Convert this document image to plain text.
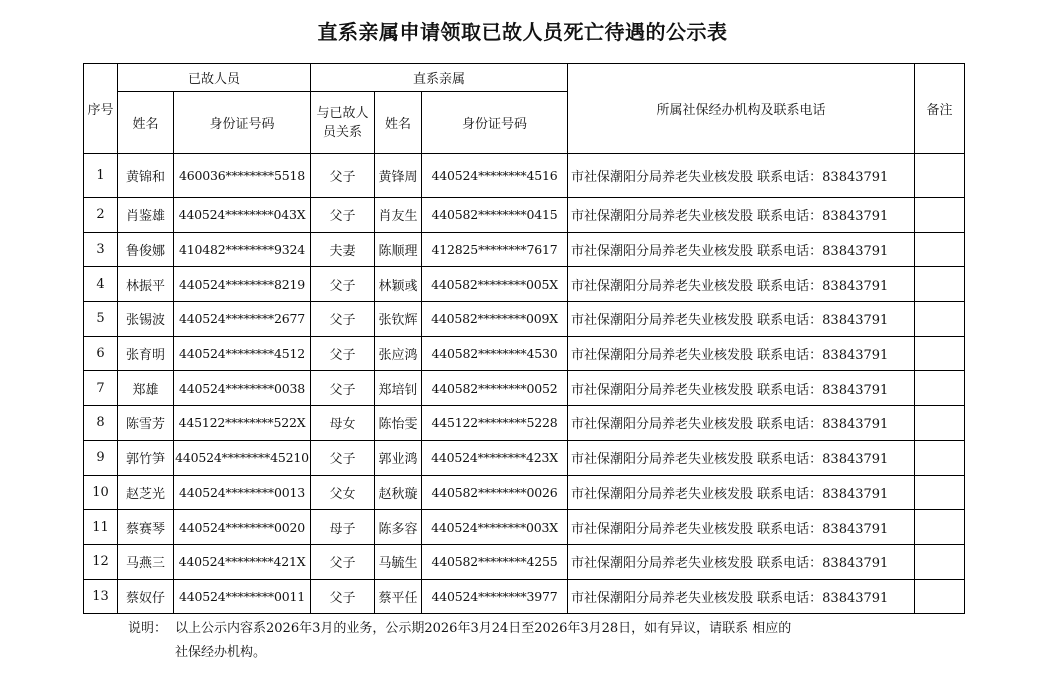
直系亲属申请领取已故人员死亡待遇的公示表
序号	已故人员		直系亲属			所属社保经办机构及联系电话	备注
	姓名	身份证号码	与已故人员关系	姓名	身份证号码		
1	黄锦和	460036********5518	父子	黄锋周	440524********4516	市社保潮阳分局养老失业核发股 联系电话：83843791	
2	肖鉴雄	440524********043X	父子	肖友生	440582********0415	市社保潮阳分局养老失业核发股 联系电话：83843791	
3	鲁俊娜	410482********9324	夫妻	陈顺理	412825********7617	市社保潮阳分局养老失业核发股 联系电话：83843791	
4	林振平	440524********8219	父子	林颖彧	440582********005X	市社保潮阳分局养老失业核发股 联系电话：83843791	
5	张锡波	440524********2677	父子	张钦辉	440582********009X	市社保潮阳分局养老失业核发股 联系电话：83843791	
6	张育明	440524********4512	父子	张应鸿	440582********4530	市社保潮阳分局养老失业核发股 联系电话：83843791	
7	郑雄	440524********0038	父子	郑培钊	440582********0052	市社保潮阳分局养老失业核发股 联系电话：83843791	
8	陈雪芳	445122********522X	母女	陈怡雯	445122********5228	市社保潮阳分局养老失业核发股 联系电话：83843791	
9	郭竹笋	440524********45210	父子	郭业鸿	440524********423X	市社保潮阳分局养老失业核发股 联系电话：83843791	
10	赵芝光	440524********0013	父女	赵秋璇	440582********0026	市社保潮阳分局养老失业核发股 联系电话：83843791	
11	蔡赛琴	440524********0020	母子	陈多容	440524********003X	市社保潮阳分局养老失业核发股 联系电话：83843791	
12	马燕三	440524********421X	父子	马毓生	440582********4255	市社保潮阳分局养老失业核发股 联系电话：83843791	
13	蔡奴仔	440524********0011	父子	蔡平任	440524********3977	市社保潮阳分局养老失业核发股 联系电话：83843791	
说明： 以上公示内容系2026年3月的业务，公示期2026年3月24日至2026年3月28日，如有异议，请联系 相应的
社保经办机构。
